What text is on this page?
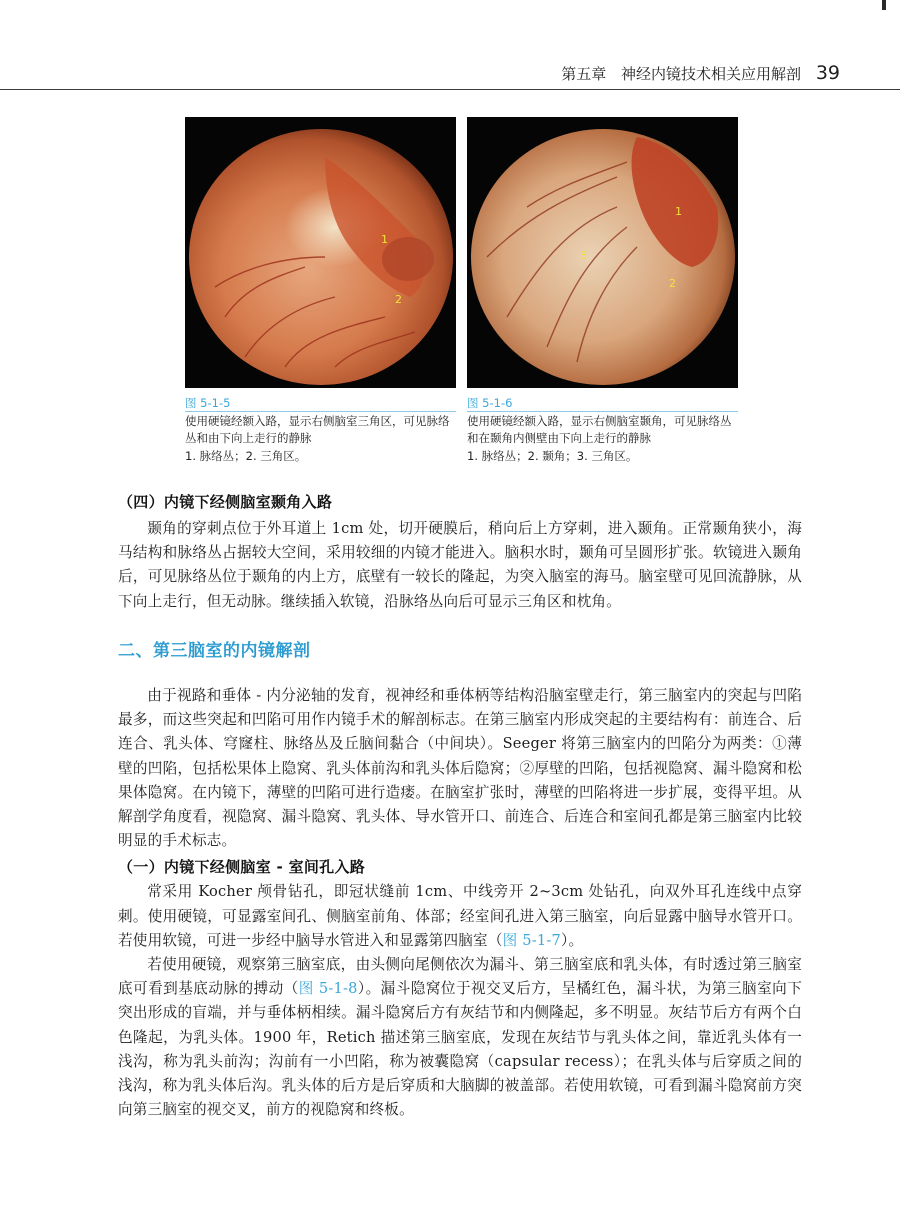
第五章 神经内镜技术相关应用解剖 39
1
2
图 5-1-5
使用硬镜经额入路，显示右侧脑室三角区，可见脉络丛和由下向上走行的静脉
1. 脉络丛；2. 三角区。
1
2
3
图 5-1-6
使用硬镜经额入路，显示右侧脑室颞角，可见脉络丛和在颞角内侧壁由下向上走行的静脉
1. 脉络丛；2. 颞角；3. 三角区。

（四）内镜下经侧脑室颞角入路

颞角的穿刺点位于外耳道上 1cm 处，切开硬膜后，稍向后上方穿刺，进入颞角。正常颞角狭小，海马结构和脉络丛占据较大空间，采用较细的内镜才能进入。脑积水时，颞角可呈圆形扩张。软镜进入颞角后，可见脉络丛位于颞角的内上方，底壁有一较长的隆起，为突入脑室的海马。脑室壁可见回流静脉，从下向上走行，但无动脉。继续插入软镜，沿脉络丛向后可显示三角区和枕角。

二、第三脑室的内镜解剖

由于视路和垂体 - 内分泌轴的发育，视神经和垂体柄等结构沿脑室壁走行，第三脑室内的突起与凹陷最多，而这些突起和凹陷可用作内镜手术的解剖标志。在第三脑室内形成突起的主要结构有：前连合、后连合、乳头体、穹窿柱、脉络丛及丘脑间黏合（中间块）。Seeger 将第三脑室内的凹陷分为两类：①薄壁的凹陷，包括松果体上隐窝、乳头体前沟和乳头体后隐窝；②厚壁的凹陷，包括视隐窝、漏斗隐窝和松果体隐窝。在内镜下，薄壁的凹陷可进行造瘘。在脑室扩张时，薄壁的凹陷将进一步扩展，变得平坦。从解剖学角度看，视隐窝、漏斗隐窝、乳头体、导水管开口、前连合、后连合和室间孔都是第三脑室内比较明显的手术标志。

（一）内镜下经侧脑室 - 室间孔入路

常采用 Kocher 颅骨钻孔，即冠状缝前 1cm、中线旁开 2~3cm 处钻孔，向双外耳孔连线中点穿刺。使用硬镜，可显露室间孔、侧脑室前角、体部；经室间孔进入第三脑室，向后显露中脑导水管开口。若使用软镜，可进一步经中脑导水管进入和显露第四脑室（图 5-1-7）。

若使用硬镜，观察第三脑室底，由头侧向尾侧依次为漏斗、第三脑室底和乳头体，有时透过第三脑室底可看到基底动脉的搏动（图 5-1-8）。漏斗隐窝位于视交叉后方，呈橘红色，漏斗状，为第三脑室向下突出形成的盲端，并与垂体柄相续。漏斗隐窝后方有灰结节和内侧隆起，多不明显。灰结节后方有两个白色隆起，为乳头体。1900 年，Retich 描述第三脑室底，发现在灰结节与乳头体之间，靠近乳头体有一浅沟，称为乳头前沟；沟前有一小凹陷，称为被囊隐窝（capsular recess）；在乳头体与后穿质之间的浅沟，称为乳头体后沟。乳头体的后方是后穿质和大脑脚的被盖部。若使用软镜，可看到漏斗隐窝前方突向第三脑室的视交叉，前方的视隐窝和终板。
